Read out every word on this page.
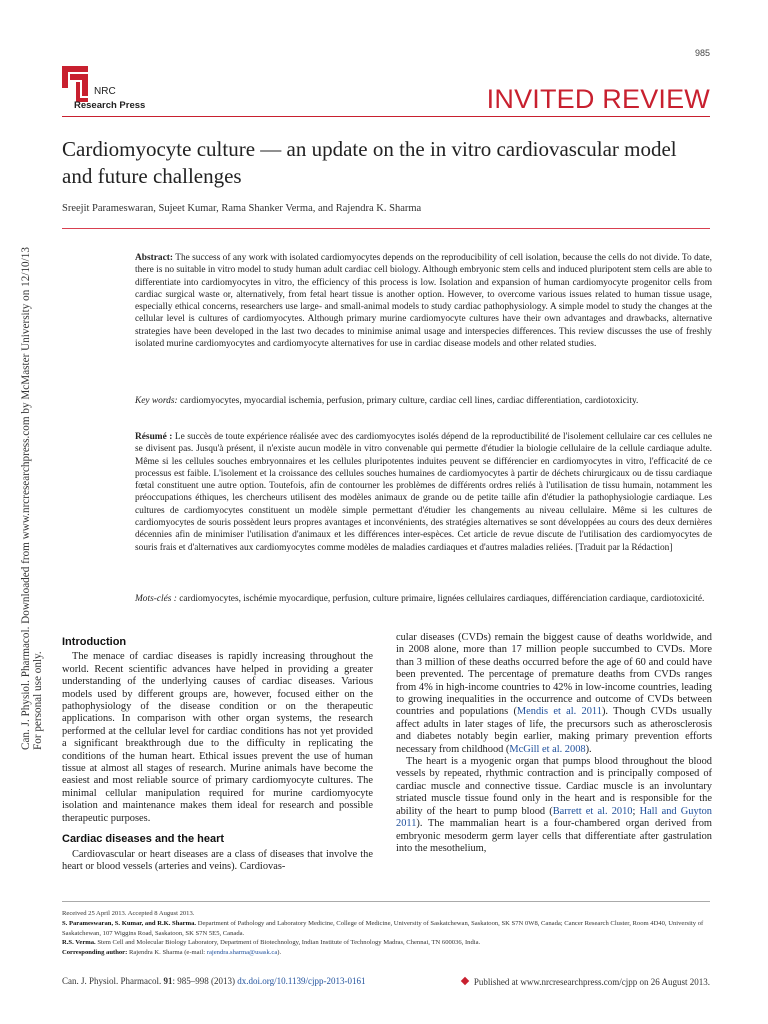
985
NRC
Research Press	INVITED REVIEW
Cardiomyocyte culture — an update on the in vitro cardiovascular model and future challenges
Sreejit Parameswaran, Sujeet Kumar, Rama Shanker Verma, and Rajendra K. Sharma
Abstract: The success of any work with isolated cardiomyocytes depends on the reproducibility of cell isolation, because the cells do not divide. To date, there is no suitable in vitro model to study human adult cardiac cell biology. Although embryonic stem cells and induced pluripotent stem cells are able to differentiate into cardiomyocytes in vitro, the efficiency of this process is low. Isolation and expansion of human cardiomyocyte progenitor cells from cardiac surgical waste or, alternatively, from fetal heart tissue is another option. However, to overcome various issues related to human tissue usage, especially ethical concerns, researchers use large- and small-animal models to study cardiac pathophysiology. A simple model to study the changes at the cellular level is cultures of cardiomyocytes. Although primary murine cardiomyocyte cultures have their own advantages and drawbacks, alternative strategies have been developed in the last two decades to minimise animal usage and interspecies differences. This review discusses the use of freshly isolated murine cardiomyocytes and cardiomyocyte alternatives for use in cardiac disease models and other related studies.
Key words: cardiomyocytes, myocardial ischemia, perfusion, primary culture, cardiac cell lines, cardiac differentiation, cardiotoxicity.
Résumé : Le succès de toute expérience réalisée avec des cardiomyocytes isolés dépend de la reproductibilité de l'isolement cellulaire car ces cellules ne se divisent pas. Jusqu'à présent, il n'existe aucun modèle in vitro convenable qui permette d'étudier la biologie cellulaire de la cellule cardiaque adulte. Même si les cellules souches embryonnaires et les cellules pluripotentes induites peuvent se différencier en cardiomyocytes in vitro, l'efficacité de ce processus est faible. L'isolement et la croissance des cellules souches humaines de cardiomyocytes à partir de déchets chirurgicaux ou de tissu cardiaque fœtal constituent une autre option. Toutefois, afin de contourner les problèmes de différents ordres reliés à l'utilisation de tissu humain, notamment les préoccupations éthiques, les chercheurs utilisent des modèles animaux de grande ou de petite taille afin d'étudier la pathophysiologie cardiaque. Les cultures de cardiomyocytes constituent un modèle simple permettant d'étudier les changements au niveau cellulaire. Même si les cultures de cardiomyocytes de souris possèdent leurs propres avantages et inconvénients, des stratégies alternatives se sont développées au cours des deux dernières décennies afin de minimiser l'utilisation d'animaux et les différences inter-espèces. Cet article de revue discute de l'utilisation des cardiomyocytes de souris frais et d'alternatives aux cardiomyocytes comme modèles de maladies cardiaques et d'autres maladies reliées. [Traduit par la Rédaction]
Mots-clés : cardiomyocytes, ischémie myocardique, perfusion, culture primaire, lignées cellulaires cardiaques, différenciation cardiaque, cardiotoxicité.
Can. J. Physiol. Pharmacol. Downloaded from www.nrcresearchpress.com by McMaster University on 12/10/13 For personal use only.
Introduction

The menace of cardiac diseases is rapidly increasing throughout the world. Recent scientific advances have helped in providing a greater understanding of the underlying causes of cardiac diseases. Various models used by different groups are, however, focused either on the pathophysiology of the disease condition or on the therapeutic applications. In comparison with other organ systems, the research performed at the cellular level for cardiac conditions has not yet provided a significant breakthrough due to the difficulty in replicating the conditions of the human heart. Ethical issues prevent the use of human tissue at almost all stages of research. Murine animals have become the easiest and most reliable source of primary cardiomyocyte cultures. The minimal cellular manipulation required for murine cardiomyocyte isolation and maintenance makes them ideal for research and possible therapeutic purposes.

Cardiac diseases and the heart

Cardiovascular or heart diseases are a class of diseases that involve the heart or blood vessels (arteries and veins). Cardiovas-

cular diseases (CVDs) remain the biggest cause of deaths worldwide, and in 2008 alone, more than 17 million people succumbed to CVDs. More than 3 million of these deaths occurred before the age of 60 and could have been prevented. The percentage of premature deaths from CVDs ranges from 4% in high-income countries to 42% in low-income countries, leading to growing inequalities in the occurrence and outcome of CVDs between countries and populations (Mendis et al. 2011). Though CVDs usually affect adults in later stages of life, the precursors such as atherosclerosis and diabetes notably begin earlier, making primary prevention efforts necessary from childhood (McGill et al. 2008).

The heart is a myogenic organ that pumps blood throughout the blood vessels by repeated, rhythmic contraction and is principally composed of cardiac muscle and connective tissue. Cardiac muscle is an involuntary striated muscle tissue found only in the heart and is responsible for the ability of the heart to pump blood (Barrett et al. 2010; Hall and Guyton 2011). The mammalian heart is a four-chambered organ derived from embryonic mesoderm germ layer cells that differentiate after gastrulation into the mesothelium,

Received 25 April 2013. Accepted 8 August 2013.
S. Parameswaran, S. Kumar, and R.K. Sharma. Department of Pathology and Laboratory Medicine, College of Medicine, University of Saskatchewan, Saskatoon, SK S7N 0W8, Canada; Cancer Research Cluster, Room 4D40, University of Saskatchewan, 107 Wiggins Road, Saskatoon, SK S7N 5E5, Canada.
R.S. Verma. Stem Cell and Molecular Biology Laboratory, Department of Biotechnology, Indian Institute of Technology Madras, Chennai, TN 600036, India.
Corresponding author: Rajendra K. Sharma (e-mail: rajendra.sharma@usask.ca).
Can. J. Physiol. Pharmacol. 91: 985–998 (2013) dx.doi.org/10.1139/cjpp-2013-0161	Published at www.nrcresearchpress.com/cjpp on 26 August 2013.
